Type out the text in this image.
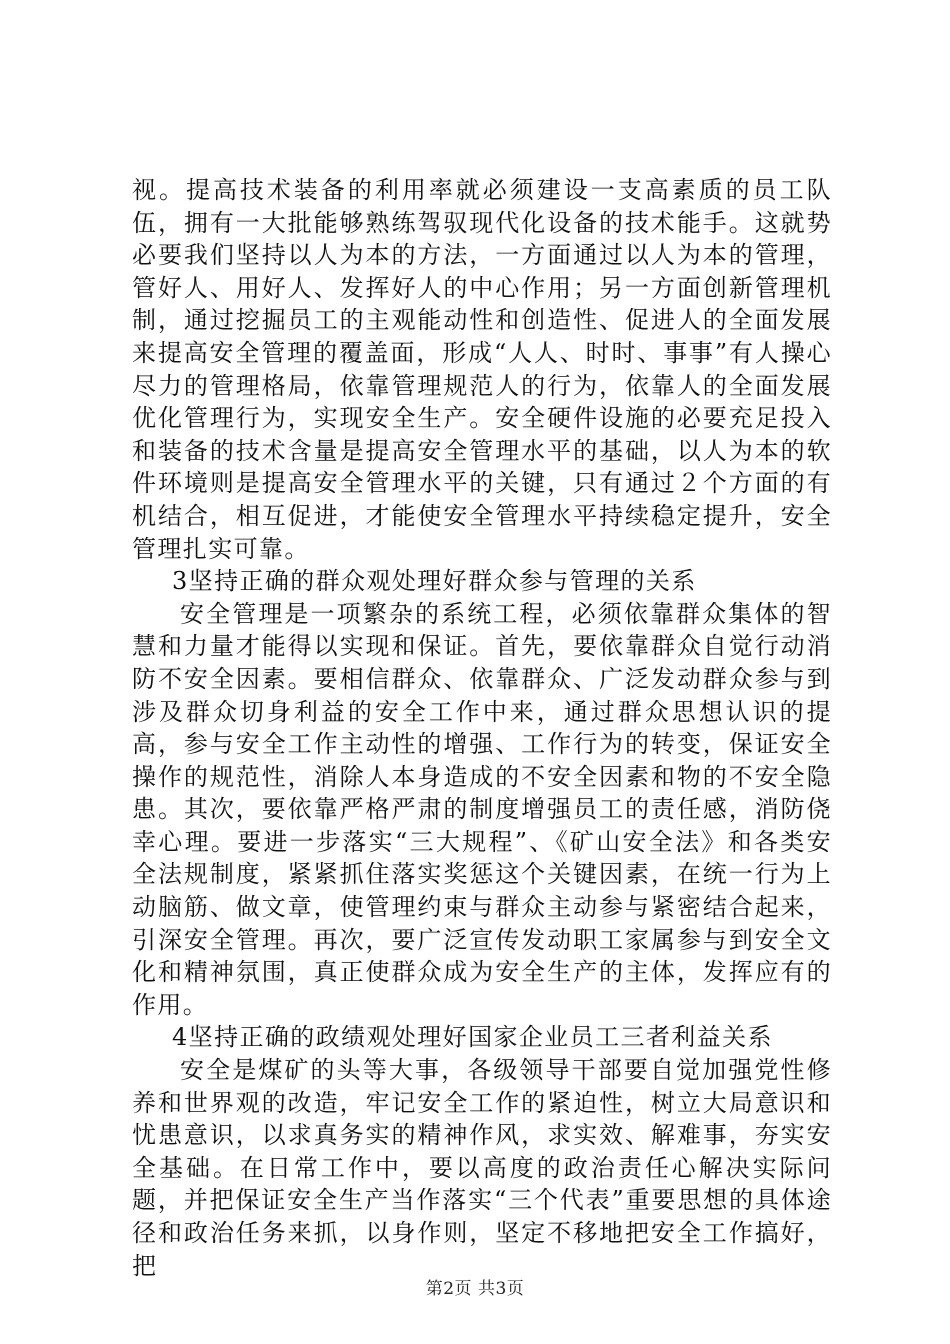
视。提高技术装备的利用率就必须建设一支高素质的员工队伍，拥有一大批能够熟练驾驭现代化设备的技术能手。这就势必要我们坚持以人为本的方法，一方面通过以人为本的管理，管好人、用好人、发挥好人的中心作用；另一方面创新管理机制，通过挖掘员工的主观能动性和创造性、促进人的全面发展来提高安全管理的覆盖面，形成“人人、时时、事事”有人操心尽力的管理格局，依靠管理规范人的行为，依靠人的全面发展优化管理行为，实现安全生产。安全硬件设施的必要充足投入和装备的技术含量是提高安全管理水平的基础，以人为本的软件环境则是提高安全管理水平的关键，只有通过２个方面的有机结合，相互促进，才能使安全管理水平持续稳定提升，安全管理扎实可靠。

3坚持正确的群众观处理好群众参与管理的关系

安全管理是一项繁杂的系统工程，必须依靠群众集体的智慧和力量才能得以实现和保证。首先，要依靠群众自觉行动消防不安全因素。要相信群众、依靠群众、广泛发动群众参与到涉及群众切身利益的安全工作中来，通过群众思想认识的提高，参与安全工作主动性的增强、工作行为的转变，保证安全操作的规范性，消除人本身造成的不安全因素和物的不安全隐患。其次，要依靠严格严肃的制度增强员工的责任感，消防侥幸心理。要进一步落实“三大规程”、《矿山安全法》和各类安全法规制度，紧紧抓住落实奖惩这个关键因素，在统一行为上动脑筋、做文章，使管理约束与群众主动参与紧密结合起来，引深安全管理。再次，要广泛宣传发动职工家属参与到安全文化和精神氛围，真正使群众成为安全生产的主体，发挥应有的作用。

4坚持正确的政绩观处理好国家企业员工三者利益关系

安全是煤矿的头等大事，各级领导干部要自觉加强党性修养和世界观的改造，牢记安全工作的紧迫性，树立大局意识和忧患意识，以求真务实的精神作风，求实效、解难事，夯实安全基础。在日常工作中，要以高度的政治责任心解决实际问题，并把保证安全生产当作落实“三个代表”重要思想的具体途径和政治任务来抓，以身作则，坚定不移地把安全工作搞好，把

第2页 共3页
